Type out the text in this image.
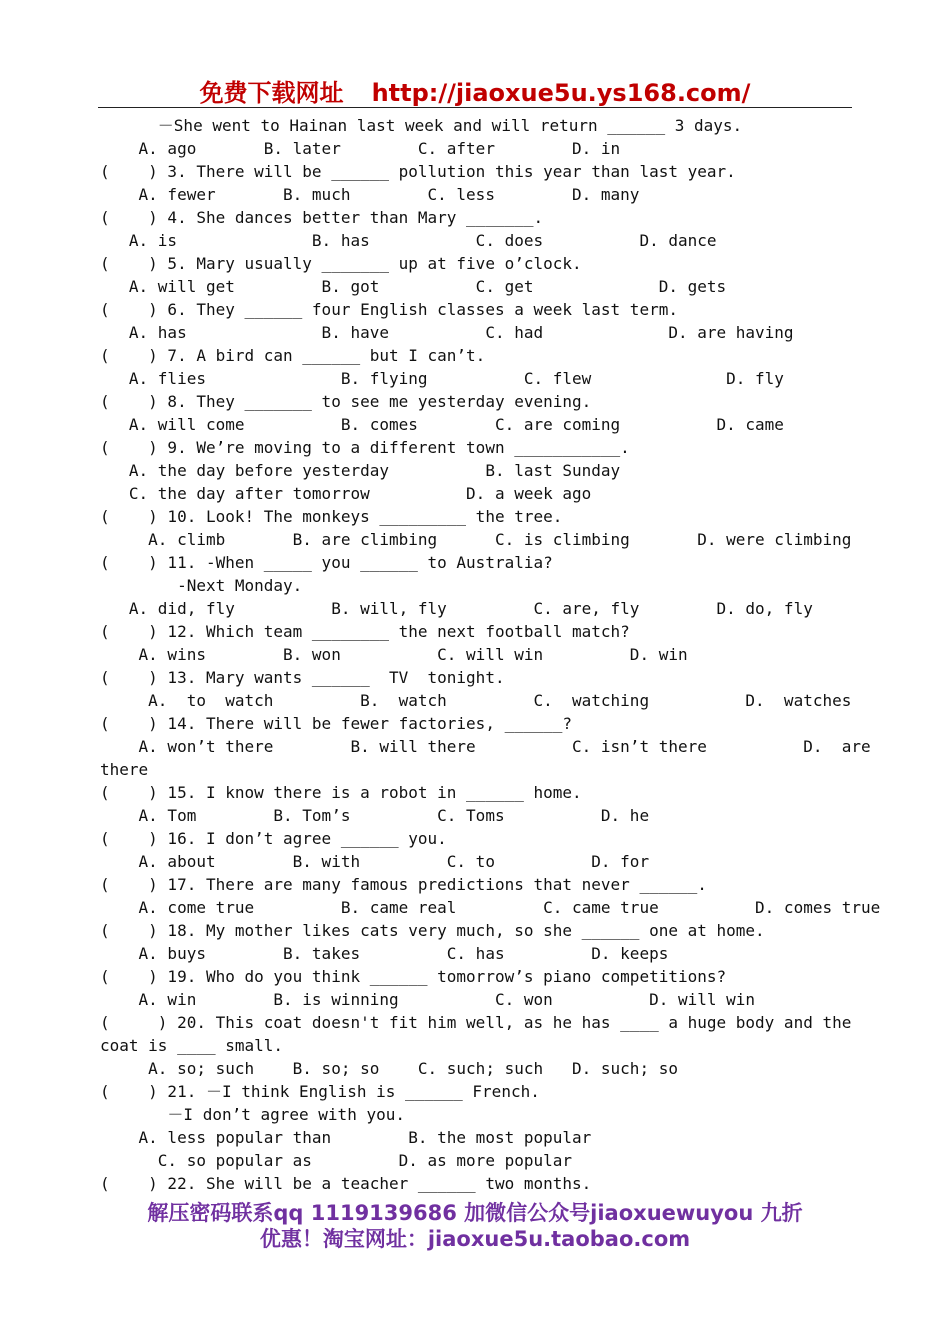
免费下载网址 http://jiaoxue5u.ys168.com/
－She went to Hainan last week and will return ______ 3 days.
A. ago       B. later        C. after        D. in
(    ) 3. There will be ______ pollution this year than last year.
A. fewer       B. much        C. less        D. many
(    ) 4. She dances better than Mary _______.
A. is              B. has           C. does          D. dance
(    ) 5. Mary usually _______ up at five o’clock.
A. will get         B. got          C. get             D. gets
(    ) 6. They ______ four English classes a week last term.
A. has              B. have          C. had             D. are having
(    ) 7. A bird can ______ but I can’t.
A. flies              B. flying          C. flew              D. fly
(    ) 8. They _______ to see me yesterday evening.
A. will come          B. comes        C. are coming          D. came
(    ) 9. We’re moving to a different town ___________.
A. the day before yesterday          B. last Sunday
C. the day after tomorrow          D. a week ago
(    ) 10. Look! The monkeys _________ the tree.
A. climb       B. are climbing      C. is climbing       D. were climbing
(    ) 11. -When _____ you ______ to Australia?
-Next Monday.
A. did, fly          B. will, fly         C. are, fly        D. do, fly
(    ) 12. Which team ________ the next football match?
A. wins        B. won          C. will win         D. win
(    ) 13. Mary wants ______  TV  tonight.
A.  to  watch         B.  watch         C.  watching          D.  watches
(    ) 14. There will be fewer factories, ______?
A. won’t there        B. will there          C. isn’t there          D.  are
there
(    ) 15. I know there is a robot in ______ home.
A. Tom        B. Tom’s         C. Toms          D. he
(    ) 16. I don’t agree ______ you.
A. about        B. with         C. to          D. for
(    ) 17. There are many famous predictions that never ______.
A. come true         B. came real         C. came true          D. comes true
(    ) 18. My mother likes cats very much, so she ______ one at home.
A. buys        B. takes         C. has         D. keeps
(    ) 19. Who do you think ______ tomorrow’s piano competitions?
A. win        B. is winning          C. won          D. will win
(     ) 20. This coat doesn't fit him well, as he has ____ a huge body and the
coat is ____ small.
A. so; such    B. so; so    C. such; such   D. such; so
(    ) 21. －I think English is ______ French.
－I don’t agree with you.
A. less popular than        B. the most popular
C. so popular as         D. as more popular
(    ) 22. She will be a teacher ______ two months.
解压密码联系qq 1119139686 加微信公众号jiaoxuewuyou 九折
优惠！淘宝网址：jiaoxue5u.taobao.com
